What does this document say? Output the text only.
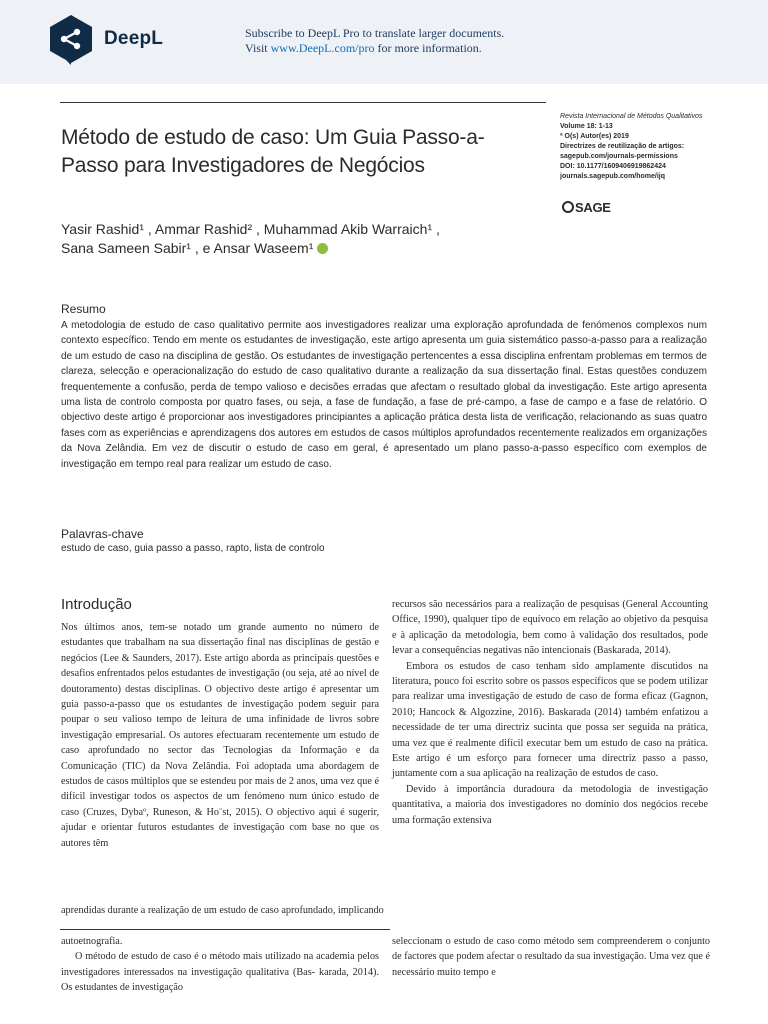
DeepL	Subscribe to DeepL Pro to translate larger documents.
Visit www.DeepL.com/pro for more information.
Método de estudo de caso: Um Guia Passo-a-Passo para Investigadores de Negócios
Yasir Rashid¹ , Ammar Rashid² , Muhammad Akib Warraich¹ ,
Sana Sameen Sabir¹ , e Ansar Waseem¹
Revista Internacional de Métodos Qualitativos
Volume 18: 1-13
ª O(s) Autor(es) 2019
Directrizes de reutilização de artigos:
sagepub.com/journals-permissions
DOI: 10.1177/1609406919862424
journals.sagepub.com/home/ijq
SAGE
Resumo
A metodologia de estudo de caso qualitativo permite aos investigadores realizar uma exploração aprofundada de fenómenos complexos num contexto específico. Tendo em mente os estudantes de investigação, este artigo apresenta um guia sistemático passo-a-passo para a realização de um estudo de caso na disciplina de gestão. Os estudantes de investigação pertencentes a essa disciplina enfrentam problemas em termos de clareza, selecção e operacionalização do estudo de caso qualitativo durante a realização da sua dissertação final. Estas questões conduzem frequentemente a confusão, perda de tempo valioso e decisões erradas que afectam o resultado global da investigação. Este artigo apresenta uma lista de controlo composta por quatro fases, ou seja, a fase de fundação, a fase de pré-campo, a fase de campo e a fase de relatório. O objectivo deste artigo é proporcionar aos investigadores principiantes a aplicação prática desta lista de verificação, relacionando as suas quatro fases com as experiências e aprendizagens dos autores em estudos de casos múltiplos aprofundados recentemente realizados em organizações da Nova Zelândia. Em vez de discutir o estudo de caso em geral, é apresentado um plano passo-a-passo específico com exemplos de investigação em tempo real para realizar um estudo de caso.
Palavras-chave
estudo de caso, guia passo a passo, rapto, lista de controlo
Introdução

Nos últimos anos, tem-se notado um grande aumento no número de estudantes que trabalham na sua dissertação final nas disciplinas de gestão e negócios (Lee & Saunders, 2017). Este artigo aborda as principais questões e desafios enfrentados pelos estudantes de investigação (ou seja, até ao nível de doutoramento) destas disciplinas. O objectivo deste artigo é apresentar um guia passo-a-passo que os estudantes de investigação podem seguir para poupar o seu valioso tempo de leitura de uma infinidade de livros sobre investigação empresarial. Os autores efectuaram recentemente um estudo de caso aprofundado no sector das Tecnologias da Informação e da Comunicação (TIC) da Nova Zelândia. Foi adoptada uma abordagem de estudos de casos múltiplos que se estendeu por mais de 2 anos, uma vez que é difícil investigar todos os aspectos de um fenómeno num único estudo de caso (Cruzes, Dybaº, Runeson, & Ho¨st, 2015). O objectivo aqui é sugerir, ajudar e orientar futuros estudantes de investigação com base no que os autores têm

recursos são necessários para a realização de pesquisas (General Accounting Office, 1990), qualquer tipo de equívoco em relação ao objetivo da pesquisa e à aplicação da metodologia, bem como à validação dos resultados, pode levar a consequências negativas não intencionais (Baskarada, 2014).

Embora os estudos de caso tenham sido amplamente discutidos na literatura, pouco foi escrito sobre os passos específicos que se podem utilizar para realizar uma investigação de estudo de caso de forma eficaz (Gagnon, 2010; Hancock & Algozzine, 2016). Baskarada (2014) também enfatizou a necessidade de ter uma directriz sucinta que possa ser seguida na prática, uma vez que é realmente difícil executar bem um estudo de caso na prática. Este artigo é um esforço para fornecer uma directriz passo a passo, juntamente com a sua aplicação na realização de estudos de caso.

Devido à importância duradoura da metodologia de investigação quantitativa, a maioria dos investigadores no domínio dos negócios recebe uma formação extensiva

aprendidas durante a realização de um estudo de caso aprofundado, implicando

autoetnografia.

O método de estudo de caso é o método mais utilizado na academia pelos investigadores interessados na investigação qualitativa (Bas- karada, 2014). Os estudantes de investigação

seleccionam o estudo de caso como método sem compreenderem o conjunto de factores que podem afectar o resultado da sua investigação. Uma vez que é necessário muito tempo e
